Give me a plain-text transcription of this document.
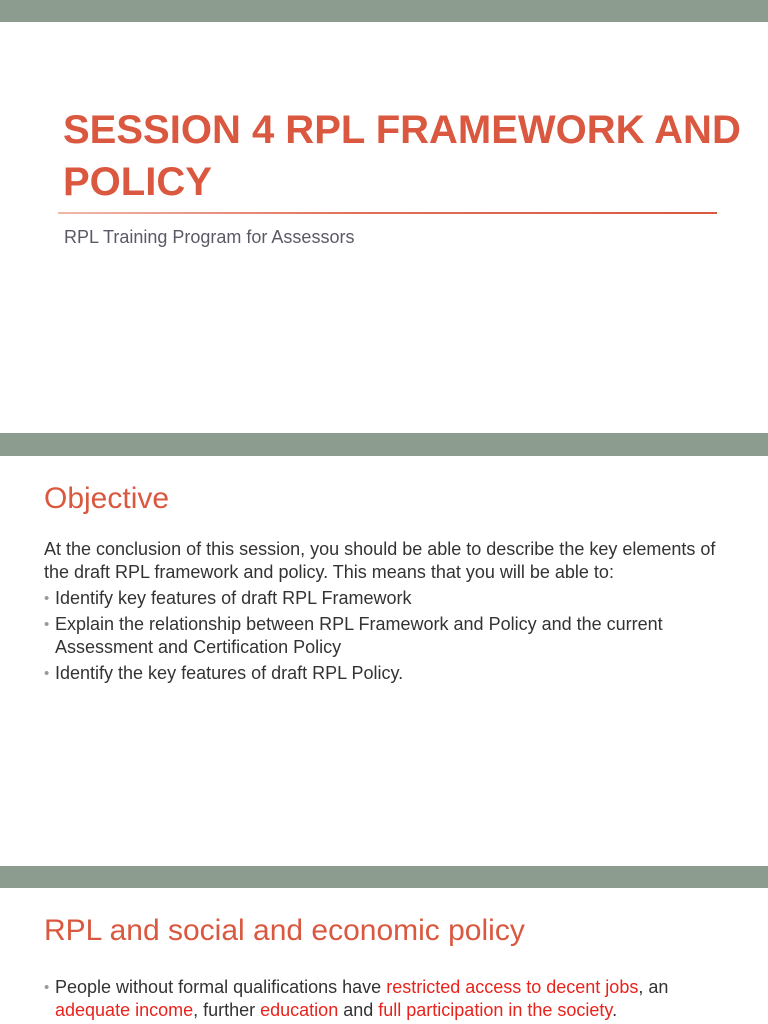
SESSION 4 RPL FRAMEWORK AND POLICY
RPL Training Program for Assessors
Objective
At the conclusion of this session, you should be able to describe the key elements of the draft RPL framework and policy. This means that you will be able to:
• Identify key features of draft RPL Framework
• Explain the relationship between RPL Framework and Policy and the current Assessment and Certification Policy
• Identify the key features of draft RPL Policy.
RPL and social and economic policy
• People without formal qualifications have restricted access to decent jobs, an adequate income, further education and full participation in the society.
